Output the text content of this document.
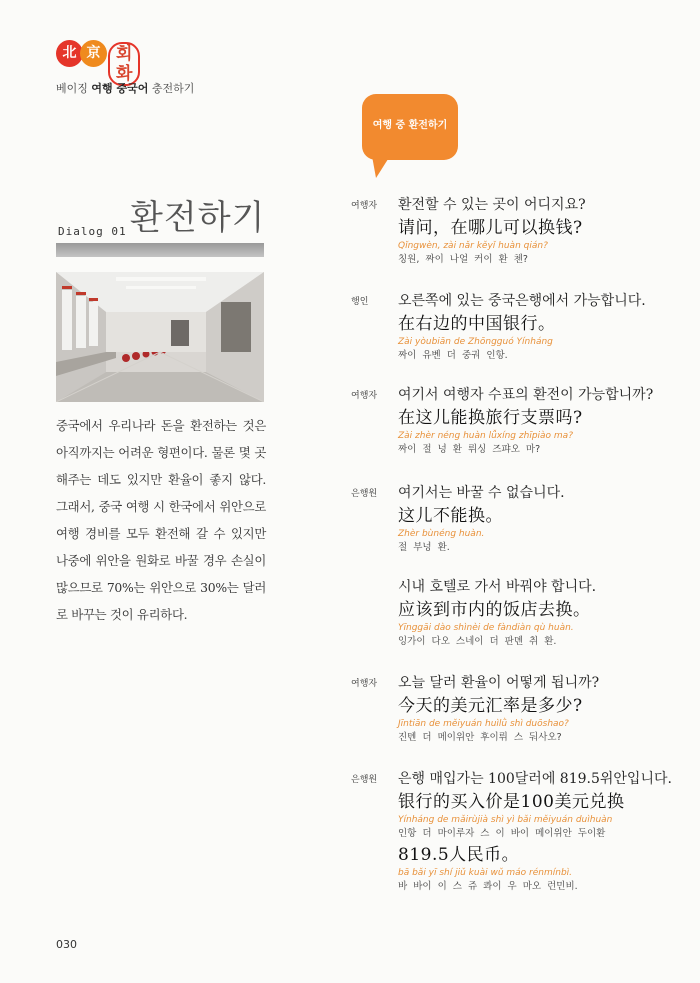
北 京 회화
베이징 여행 중국어 충전하기
여행 중 환전하기
Dialog 01 환전하기
중국에서 우리나라 돈을 환전하는 것은 아직까지는 어려운 형편이다. 물론 몇 곳 해주는 데도 있지만 환율이 좋지 않다. 그래서, 중국 여행 시 한국에서 위안으로 여행 경비를 모두 환전해 갈 수 있지만 나중에 위안을 원화로 바꿀 경우 손실이 많으므로 70%는 위안으로 30%는 달러로 바꾸는 것이 유리하다.
여행자	환전할 수 있는 곳이 어디지요?
请问，在哪儿可以换钱?
Qǐngwèn, zài nǎr kěyǐ huàn qián?
칭원, 짜이 나얼 커이 환 첸?
행인	오른쪽에 있는 중국은행에서 가능합니다.
在右边的中国银行。
Zài yòubiān de Zhōngguó Yínháng
짜이 유볜 더 중궈 인항.
여행자	여기서 여행자 수표의 환전이 가능합니까?
在这儿能换旅行支票吗?
Zài zhèr néng huàn lǚxíng zhīpiào ma?
짜이 절 넝 환 뤼싱 즈퍄오 마?
은행원	여기서는 바꿀 수 없습니다.
这儿不能换。
Zhèr bùnéng huàn.
절 부넝 환.
시내 호텔로 가서 바꿔야 합니다.
应该到市内的饭店去换。
Yīnggāi dào shìnèi de fàndiàn qù huàn.
잉가이 다오 스네이 더 판뎬 취 환.
여행자	오늘 달러 환율이 어떻게 됩니까?
今天的美元汇率是多少?
Jīntiān de měiyuán huìlǜ shì duōshao?
진톈 더 메이위안 후이뤼 스 둬사오?
은행원	은행 매입가는 100달러에 819.5위안입니다.
银行的买入价是100美元兑换
Yínháng de mǎirùjià shì yì bǎi měiyuán duìhuàn
인항 더 마이루자 스 이 바이 메이위안 두이환
819.5人民币。
bā bǎi yī shí jiǔ kuài wǔ máo rénmínbì.
바 바이 이 스 쥬 콰이 우 마오 런민비.
030
